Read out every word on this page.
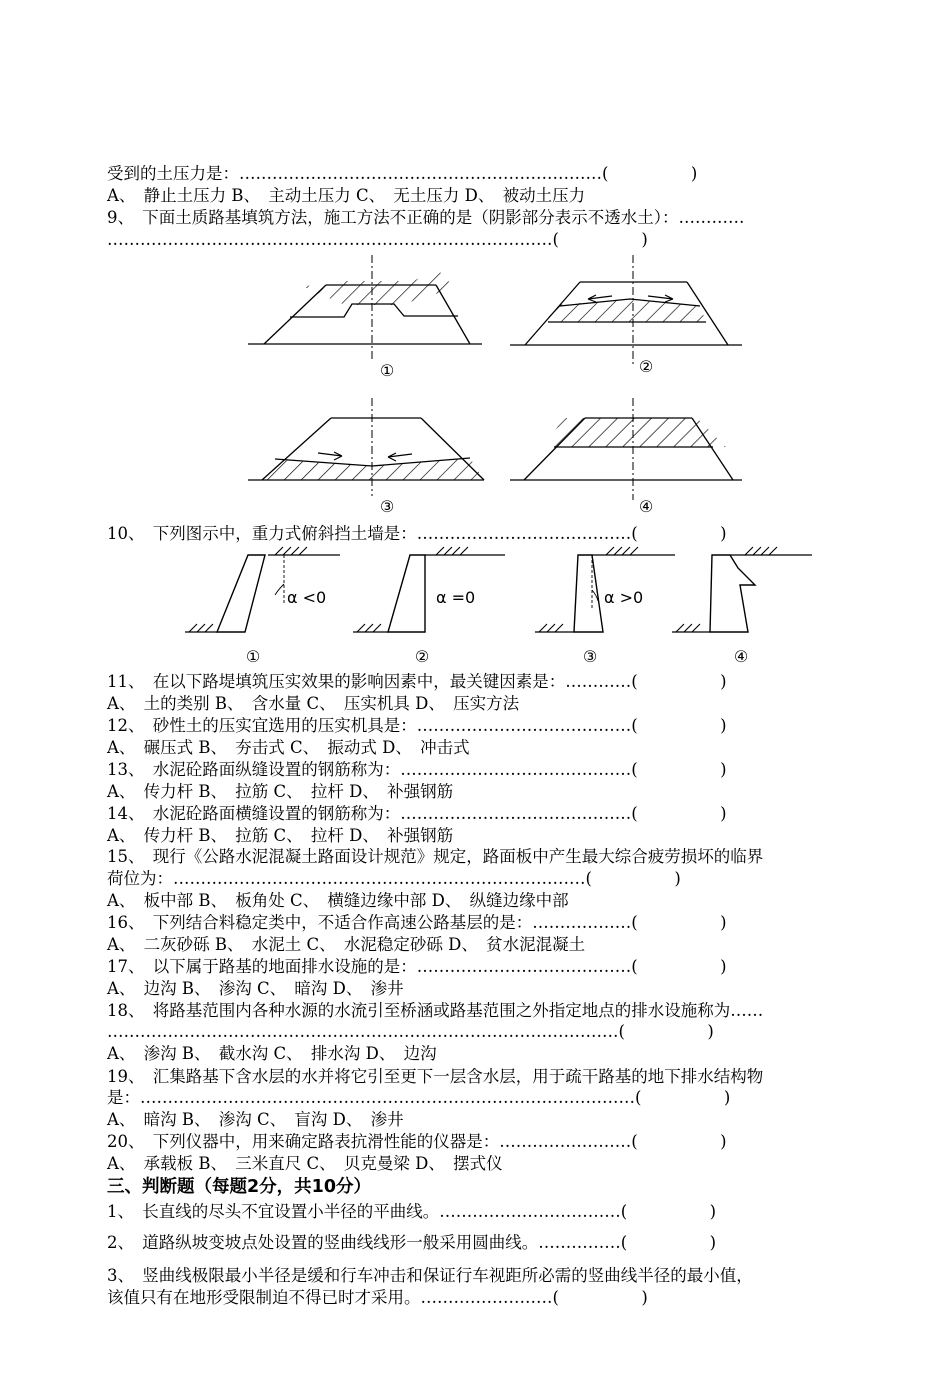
受到的土压力是：…………………………………………………………(　　　　　)
A、　静止土压力 B、　主动土压力 C、　无土压力 D、　被动土压力
9、　下面土质路基填筑方法，施工方法不正确的是（阴影部分表示不透水土）：…………
………………………………………………………………………(　　　　　)
10、　下列图示中，重力式俯斜挡土墙是：…………………………………(　　　　　)
11、　在以下路堤填筑压实效果的影响因素中，最关键因素是：…………(　　　　　)
A、　土的类别 B、　含水量 C、　压实机具 D、　压实方法
12、　砂性土的压实宜选用的压实机具是：…………………………………(　　　　　)
A、　碾压式 B、　夯击式 C、　振动式 D、　冲击式
13、　水泥砼路面纵缝设置的钢筋称为：……………………………………(　　　　　)
A、　传力杆 B、　拉筋 C、　拉杆 D、　补强钢筋
14、　水泥砼路面横缝设置的钢筋称为：……………………………………(　　　　　)
A、　传力杆 B、　拉筋 C、　拉杆 D、　补强钢筋
15、　现行《公路水泥混凝土路面设计规范》规定，路面板中产生最大综合疲劳损坏的临界
荷位为：…………………………………………………………………(　　　　　)
A、　板中部 B、　板角处 C、　横缝边缘中部 D、　纵缝边缘中部
16、　下列结合料稳定类中，不适合作高速公路基层的是：………………(　　　　　)
A、　二灰砂砾 B、　水泥土 C、　水泥稳定砂砾 D、　贫水泥混凝土
17、　以下属于路基的地面排水设施的是：…………………………………(　　　　　)
A、　边沟 B、　渗沟 C、　暗沟 D、　渗井
18、　将路基范围内各种水源的水流引至桥涵或路基范围之外指定地点的排水设施称为……
…………………………………………………………………………………(　　　　　)
A、　渗沟 B、　截水沟 C、　排水沟 D、　边沟
19、　汇集路基下含水层的水并将它引至更下一层含水层，用于疏干路基的地下排水结构物
是：………………………………………………………………………………(　　　　　)
A、　暗沟 B、　渗沟 C、　盲沟 D、　渗井
20、　下列仪器中，用来确定路表抗滑性能的仪器是：……………………(　　　　　)
A、　承载板 B、　三米直尺 C、　贝克曼梁 D、　摆式仪
三、判断题（每题2分，共10分）
1、　长直线的尽头不宜设置小半径的平曲线。……………………………(　　　　　)
2、　道路纵坡变坡点处设置的竖曲线线形一般采用圆曲线。……………(　　　　　)
3、　竖曲线极限最小半径是缓和行车冲击和保证行车视距所必需的竖曲线半径的最小值，
该值只有在地形受限制迫不得已时才采用。……………………(　　　　　)
①	②
③	④
α <0
①
α =0
②
α >0
③	④
